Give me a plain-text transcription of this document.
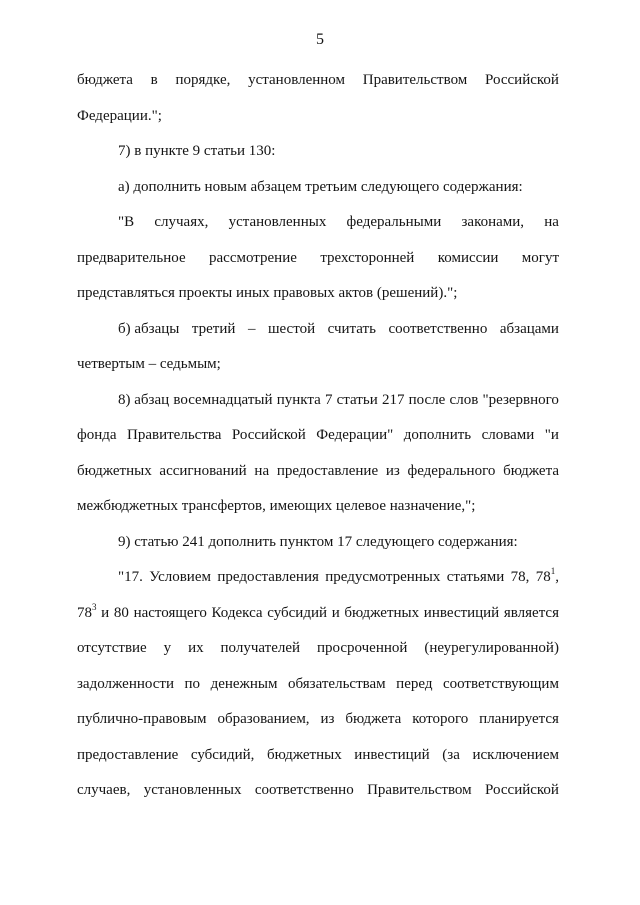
5
бюджета в порядке, установленном Правительством Российской
Федерации.";
7) в пункте 9 статьи 130:
а) дополнить новым абзацем третьим следующего содержания:
"В случаях, установленных федеральными законами, на
предварительное рассмотрение трехсторонней комиссии могут
представляться проекты иных правовых актов (решений).";
б) абзацы третий – шестой считать соответственно абзацами
четвертым – седьмым;
8) абзац восемнадцатый пункта 7 статьи 217 после слов "резервного
фонда Правительства Российской Федерации" дополнить словами "и
бюджетных ассигнований на предоставление из федерального бюджета
межбюджетных трансфертов, имеющих целевое назначение,";
9) статью 241 дополнить пунктом 17 следующего содержания:
"17. Условием предоставления предусмотренных статьями 78, $78^1$,
$78^3$ и 80 настоящего Кодекса субсидий и бюджетных инвестиций является
отсутствие у их получателей просроченной (неурегулированной)
задолженности по денежным обязательствам перед соответствующим
публично-правовым образованием, из бюджета которого планируется
предоставление субсидий, бюджетных инвестиций (за исключением
случаев, установленных соответственно Правительством Российской
